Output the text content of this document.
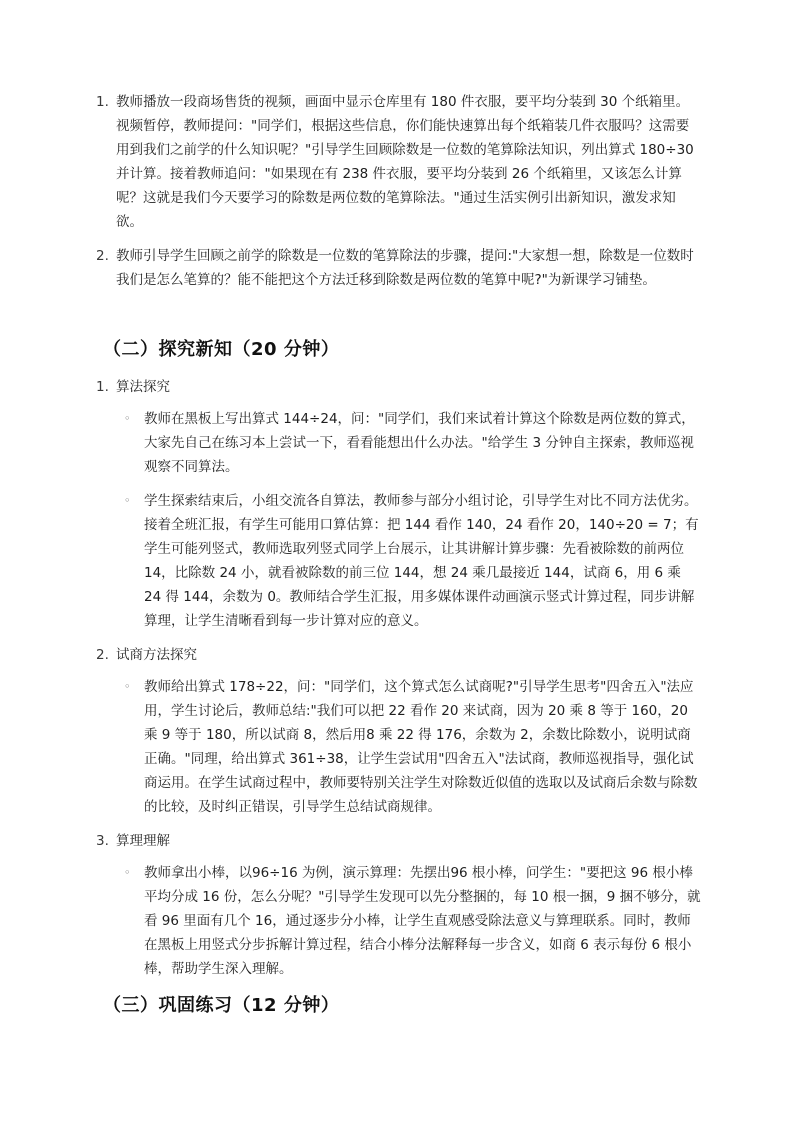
1. 教师播放一段商场售货的视频，画面中显示仓库里有 180 件衣服，要平均分装到 30 个纸箱里。视频暂停，教师提问："同学们，根据这些信息，你们能快速算出每个纸箱装几件衣服吗？这需要用到我们之前学的什么知识呢？"引导学生回顾除数是一位数的笔算除法知识，列出算式 180÷30 并计算。接着教师追问："如果现在有 238 件衣服，要平均分装到 26 个纸箱里，又该怎么计算呢？这就是我们今天要学习的除数是两位数的笔算除法。"通过生活实例引出新知识，激发求知欲。
2. 教师引导学生回顾之前学的除数是一位数的笔算除法的步骤，提问:"大家想一想，除数是一位数时我们是怎么笔算的？能不能把这个方法迁移到除数是两位数的笔算中呢?"为新课学习铺垫。
（二）探究新知（20 分钟）
1. 算法探究
◦ 教师在黑板上写出算式 144÷24，问："同学们，我们来试着计算这个除数是两位数的算式，大家先自己在练习本上尝试一下，看看能想出什么办法。"给学生 3 分钟自主探索，教师巡视观察不同算法。
◦ 学生探索结束后，小组交流各自算法，教师参与部分小组讨论，引导学生对比不同方法优劣。接着全班汇报，有学生可能用口算估算：把 144 看作 140，24 看作 20，140÷20 = 7；有学生可能列竖式，教师选取列竖式同学上台展示，让其讲解计算步骤：先看被除数的前两位14，比除数 24 小，就看被除数的前三位 144，想 24 乘几最接近 144，试商 6，用 6 乘 24 得 144，余数为 0。教师结合学生汇报，用多媒体课件动画演示竖式计算过程，同步讲解算理，让学生清晰看到每一步计算对应的意义。
2. 试商方法探究
◦ 教师给出算式 178÷22，问："同学们，这个算式怎么试商呢?"引导学生思考"四舍五入"法应用，学生讨论后，教师总结:"我们可以把 22 看作 20 来试商，因为 20 乘 8 等于 160，20 乘 9 等于 180，所以试商 8，然后用8 乘 22 得 176，余数为 2，余数比除数小，说明试商正确。"同理，给出算式 361÷38，让学生尝试用"四舍五入"法试商，教师巡视指导，强化试商运用。在学生试商过程中，教师要特别关注学生对除数近似值的选取以及试商后余数与除数的比较，及时纠正错误，引导学生总结试商规律。
3. 算理理解
◦ 教师拿出小棒，以96÷16 为例，演示算理：先摆出96 根小棒，问学生："要把这 96 根小棒平均分成 16 份，怎么分呢？"引导学生发现可以先分整捆的，每 10 根一捆，9 捆不够分，就看 96 里面有几个 16，通过逐步分小棒，让学生直观感受除法意义与算理联系。同时，教师在黑板上用竖式分步拆解计算过程，结合小棒分法解释每一步含义，如商 6 表示每份 6 根小棒，帮助学生深入理解。
（三）巩固练习（12 分钟）
